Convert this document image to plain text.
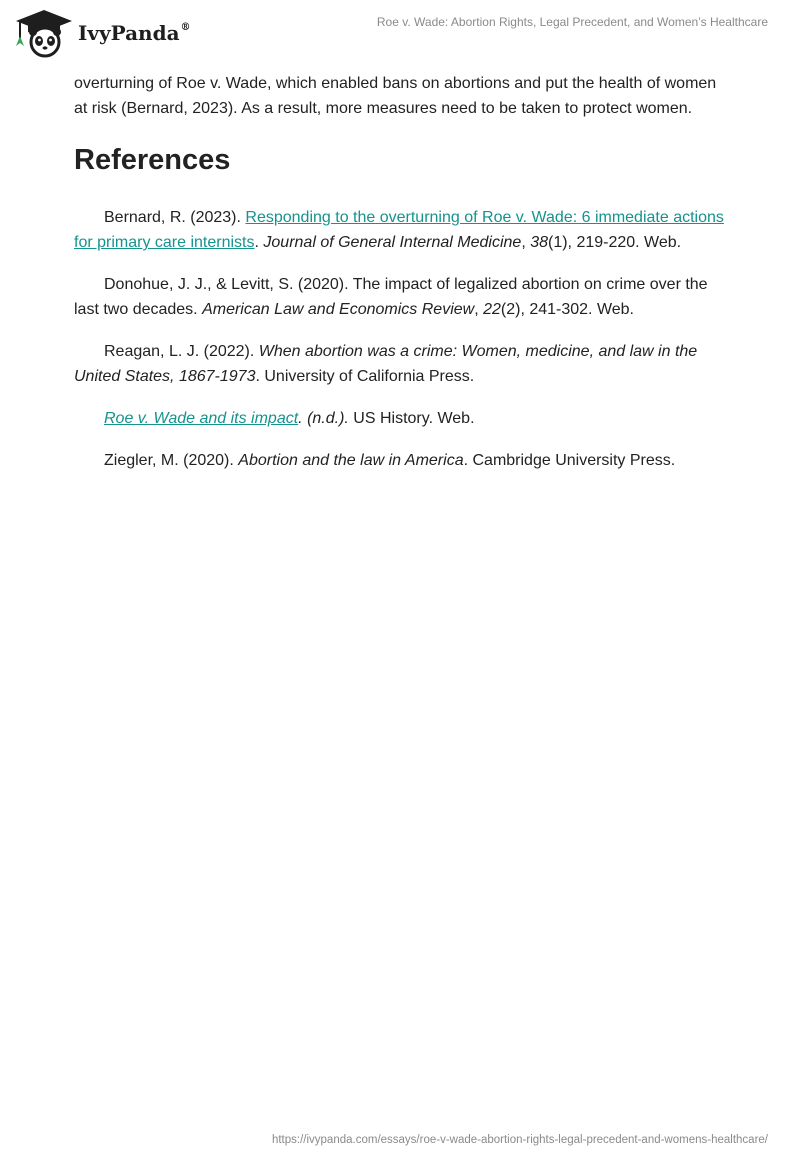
IvyPanda®	Roe v. Wade: Abortion Rights, Legal Precedent, and Women’s Healthcare

overturning of Roe v. Wade, which enabled bans on abortions and put the health of women at risk (Bernard, 2023). As a result, more measures need to be taken to protect women.

References

Bernard, R. (2023). Responding to the overturning of Roe v. Wade: 6 immediate actions for primary care internists. Journal of General Internal Medicine, 38(1), 219-220. Web.

Donohue, J. J., & Levitt, S. (2020). The impact of legalized abortion on crime over the last two decades. American Law and Economics Review, 22(2), 241-302. Web.

Reagan, L. J. (2022). When abortion was a crime: Women, medicine, and law in the United States, 1867-1973. University of California Press.

Roe v. Wade and its impact. (n.d.). US History. Web.

Ziegler, M. (2020). Abortion and the law in America. Cambridge University Press.

https://ivypanda.com/essays/roe-v-wade-abortion-rights-legal-precedent-and-womens-healthcare/
